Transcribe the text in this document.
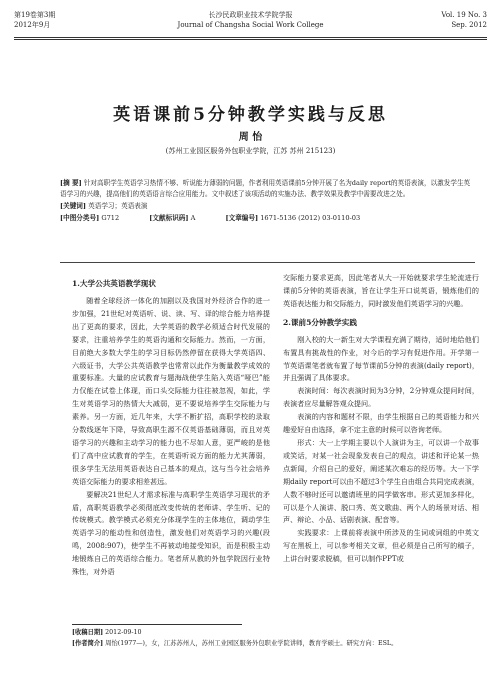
第19卷第3期
2012年9月
长沙民政职业技术学院学报
Journal of Changsha Social Work College
Vol. 19 No. 3
Sep. 2012
英语课前5分钟教学实践与反思
周 怡
(苏州工业园区服务外包职业学院，江苏 苏州 215123)
[摘 要] 针对高职学生英语学习热情不够、听说能力薄弱的问题，作者利用英语课前5分钟开展了名为daily report的英语表演，以激发学生英语学习的兴趣，提高他们的英语语言综合应用能力。文中叙述了该项活动的实施办法、教学效果及教学中需要改进之处。
[关键词] 英语学习；英语表演
[中图分类号] G712	[文献标识码] A	[文章编号] 1671-5136 (2012) 03-0110-03
1.大学公共英语教学现状

随着全球经济一体化的加剧以及我国对外经济合作的进一步加强，21世纪对英语听、说、读、写、译的综合能力培养提出了更高的要求，因此，大学英语的教学必须适合时代发展的要求，注重培养学生的英语沟通和交际能力。然而，一方面，目前绝大多数大学生的学习目标仍然停留在获得大学英语四、六级证书，大学公共英语教学也常常以此作为衡量教学成效的重要标准。大量的应试教育与题海战使学生陷入英语“哑巴”能力仅能在试卷上体现，而口头交际能力往往被忽视，如此，学生对英语学习的热情大大减弱，更不要说培养学生交际能力与素养。另一方面，近几年来，大学不断扩招，高职学校的录取分数线逐年下降，导致高职生源不仅英语基础薄弱，而且对英语学习的兴趣和主动学习的能力也不尽如人意，更严峻的是他们了高中应试教育的学生，在英语听说方面的能力尤其薄弱，很多学生无法用英语表达自己基本的观点，这与当今社会培养英语交际能力的要求相差甚远。

要解决21世纪人才需求标准与高职学生英语学习现状的矛盾，高职英语教学必须彻底改变传统的老师讲、学生听、记的传统模式。教学模式必须充分体现学生的主体地位，调动学生英语学习的能动性和创造性，激发他们对英语学习的兴趣(段鸣，2008:907)，使学生不再被动地接受知识，而是积极主动地锻炼自己的英语综合能力。笔者所从教的外包学院因行业特殊性，对外语

交际能力要求更高，因此笔者从大一开始就要求学生轮流进行课前5分钟的英语表演，旨在让学生开口说英语，锻炼他们的英语表达能力和交际能力，同时激发他们英语学习的兴趣。

2.课前5分钟教学实践

刚入校的大一新生对大学课程充满了期待，适时地给他们布置具有挑战性的作业，对今后的学习有促进作用。开学第一节英语课笔者就布置了每节课前5分钟的表演(daily report)，并且强调了具体要求。

表演时间：每次表演时间为3分钟，2分钟观众提问时间，表演者应尽量解答观众提问。

表演的内容和题材不限，由学生根据自己的英语能力和兴趣爱好自由选择，拿不定主意的时候可以咨询老师。

形式：大一上学期主要以个人演讲为主，可以讲一个故事或笑话，对某一社会现象发表自己的观点，讲述和评论某一热点新闻，介绍自己的爱好，阐述某次难忘的经历等。大一下学期daily report可以由不超过3个学生自由组合共同完成表演，人数不够时还可以邀请班里的同学做客串。形式更加多样化，可以是个人演讲、脱口秀、英文歌曲、两个人的场景对话、相声、辩论、小品、话剧表演、配音等。

实践要求：上课前将表演中所涉及的生词或词组的中英文写在黑板上，可以参考相关文章，但必须是自己所写的稿子，上讲台时要求脱稿，但可以制作PPT或

[收稿日期] 2012-09-10
[作者简介] 周怡(1977—)，女，江苏苏州人，苏州工业园区服务外包职业学院讲师，教育学硕士。研究方向：ESL。
